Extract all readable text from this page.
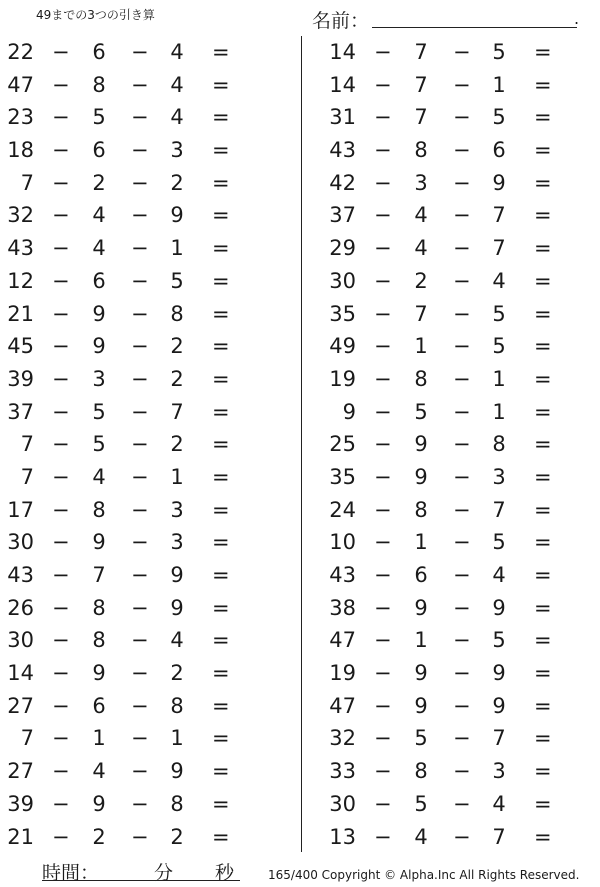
49までの3つの引き算	名前：	.
22 − 6 − 4 =
47 − 8 − 4 =
23 − 5 − 4 =
18 − 6 − 3 =
7 − 2 − 2 =
32 − 4 − 9 =
43 − 4 − 1 =
12 − 6 − 5 =
21 − 9 − 8 =
45 − 9 − 2 =
39 − 3 − 2 =
37 − 5 − 7 =
7 − 5 − 2 =
7 − 4 − 1 =
17 − 8 − 3 =
30 − 9 − 3 =
43 − 7 − 9 =
26 − 8 − 9 =
30 − 8 − 4 =
14 − 9 − 2 =
27 − 6 − 8 =
7 − 1 − 1 =
27 − 4 − 9 =
39 − 9 − 8 =
21 − 2 − 2 =
14 − 7 − 5 =
14 − 7 − 1 =
31 − 7 − 5 =
43 − 8 − 6 =
42 − 3 − 9 =
37 − 4 − 7 =
29 − 4 − 7 =
30 − 2 − 4 =
35 − 7 − 5 =
49 − 1 − 5 =
19 − 8 − 1 =
9 − 5 − 1 =
25 − 9 − 8 =
35 − 9 − 3 =
24 − 8 − 7 =
10 − 1 − 5 =
43 − 6 − 4 =
38 − 9 − 9 =
47 − 1 − 5 =
19 − 9 − 9 =
47 − 9 − 9 =
32 − 5 − 7 =
33 − 8 − 3 =
30 − 5 − 4 =
13 − 4 − 7 =
時間：	分 秒	165/400 Copyright © Alpha.Inc All Rights Reserved.
